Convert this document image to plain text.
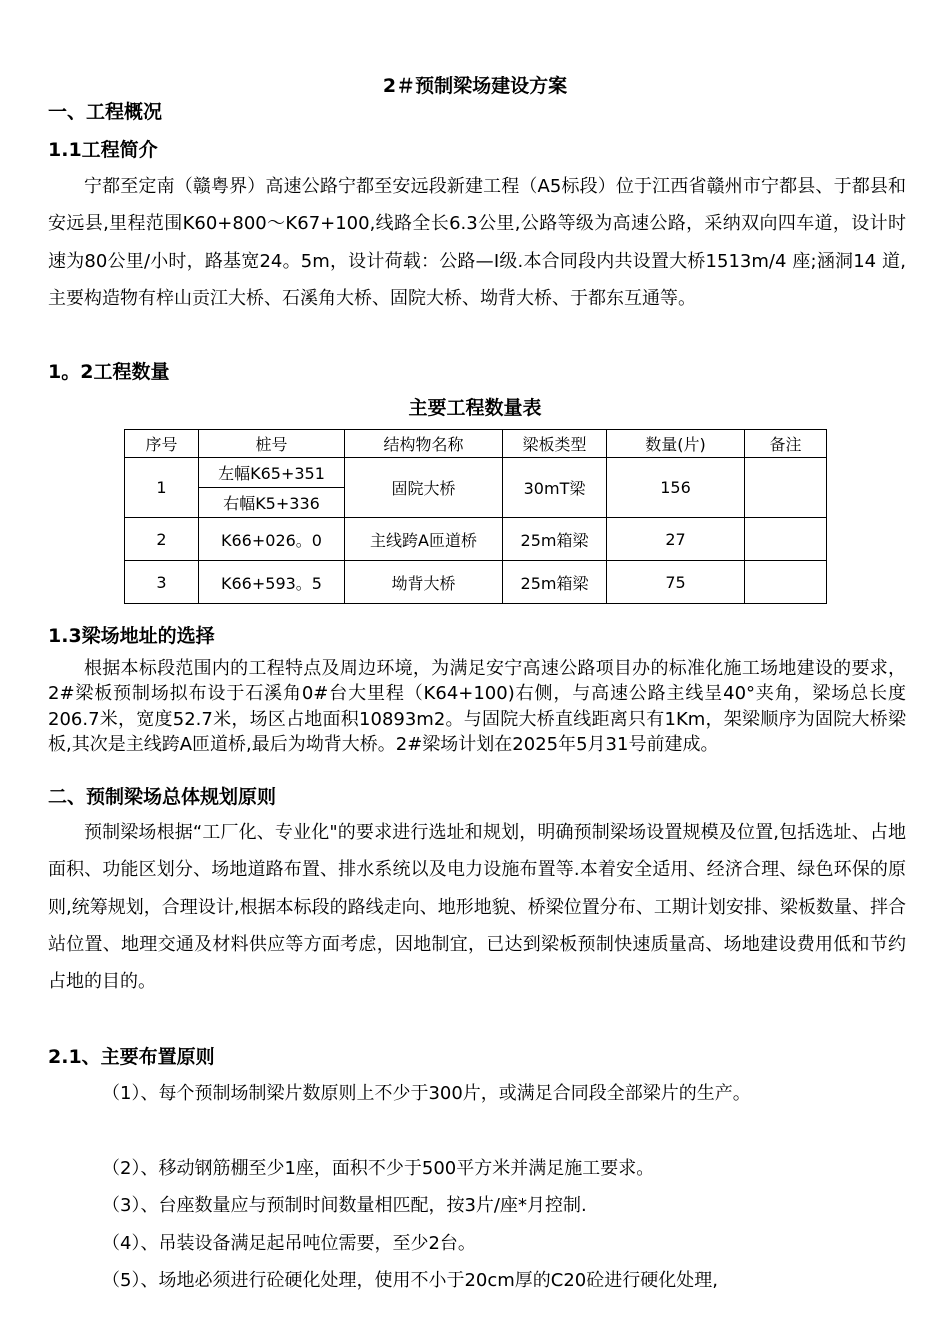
2＃预制梁场建设方案
一、工程概况
1.1工程简介

宁都至定南（赣粤界）高速公路宁都至安远段新建工程（A5标段）位于江西省赣州市宁都县、于都县和安远县,里程范围K60+800～K67+100,线路全长6.3公里,公路等级为高速公路，采纳双向四车道，设计时速为80公里/小时，路基宽24。5m，设计荷载：公路—Ⅰ级.本合同段内共设置大桥1513m/4 座;涵洞14 道,主要构造物有梓山贡江大桥、石溪角大桥、固院大桥、坳背大桥、于都东互通等。

1。2工程数量
主要工程数量表
序号	桩号	结构物名称	梁板类型	数量(片)	备注
1	左幅K65+351	固院大桥	30mT梁	156	
	右幅K5+336				
2	K66+026。0	主线跨A匝道桥	25m箱梁	27	
3	K66+593。5	坳背大桥	25m箱梁	75	
1.3梁场地址的选择

根据本标段范围内的工程特点及周边环境，为满足安宁高速公路项目办的标准化施工场地建设的要求，2#梁板预制场拟布设于石溪角0#台大里程（K64+100)右侧，与高速公路主线呈40°夹角，梁场总长度206.7米，宽度52.7米，场区占地面积10893m2。与固院大桥直线距离只有1Km，架梁顺序为固院大桥梁板,其次是主线跨A匝道桥,最后为坳背大桥。2#梁场计划在2025年5月31号前建成。

二、预制梁场总体规划原则

预制梁场根据“工厂化、专业化"的要求进行选址和规划，明确预制梁场设置规模及位置,包括选址、占地面积、功能区划分、场地道路布置、排水系统以及电力设施布置等.本着安全适用、经济合理、绿色环保的原则,统筹规划，合理设计,根据本标段的路线走向、地形地貌、桥梁位置分布、工期计划安排、梁板数量、拌合站位置、地理交通及材料供应等方面考虑，因地制宜，已达到梁板预制快速质量高、场地建设费用低和节约占地的目的。

2.1、主要布置原则

（1）、每个预制场制梁片数原则上不少于300片，或满足合同段全部梁片的生产。

（2）、移动钢筋棚至少1座，面积不少于500平方米并满足施工要求。

（3）、台座数量应与预制时间数量相匹配，按3片/座*月控制.

（4）、吊装设备满足起吊吨位需要，至少2台。

（5）、场地必须进行砼硬化处理，使用不小于20cm厚的C20砼进行硬化处理,
